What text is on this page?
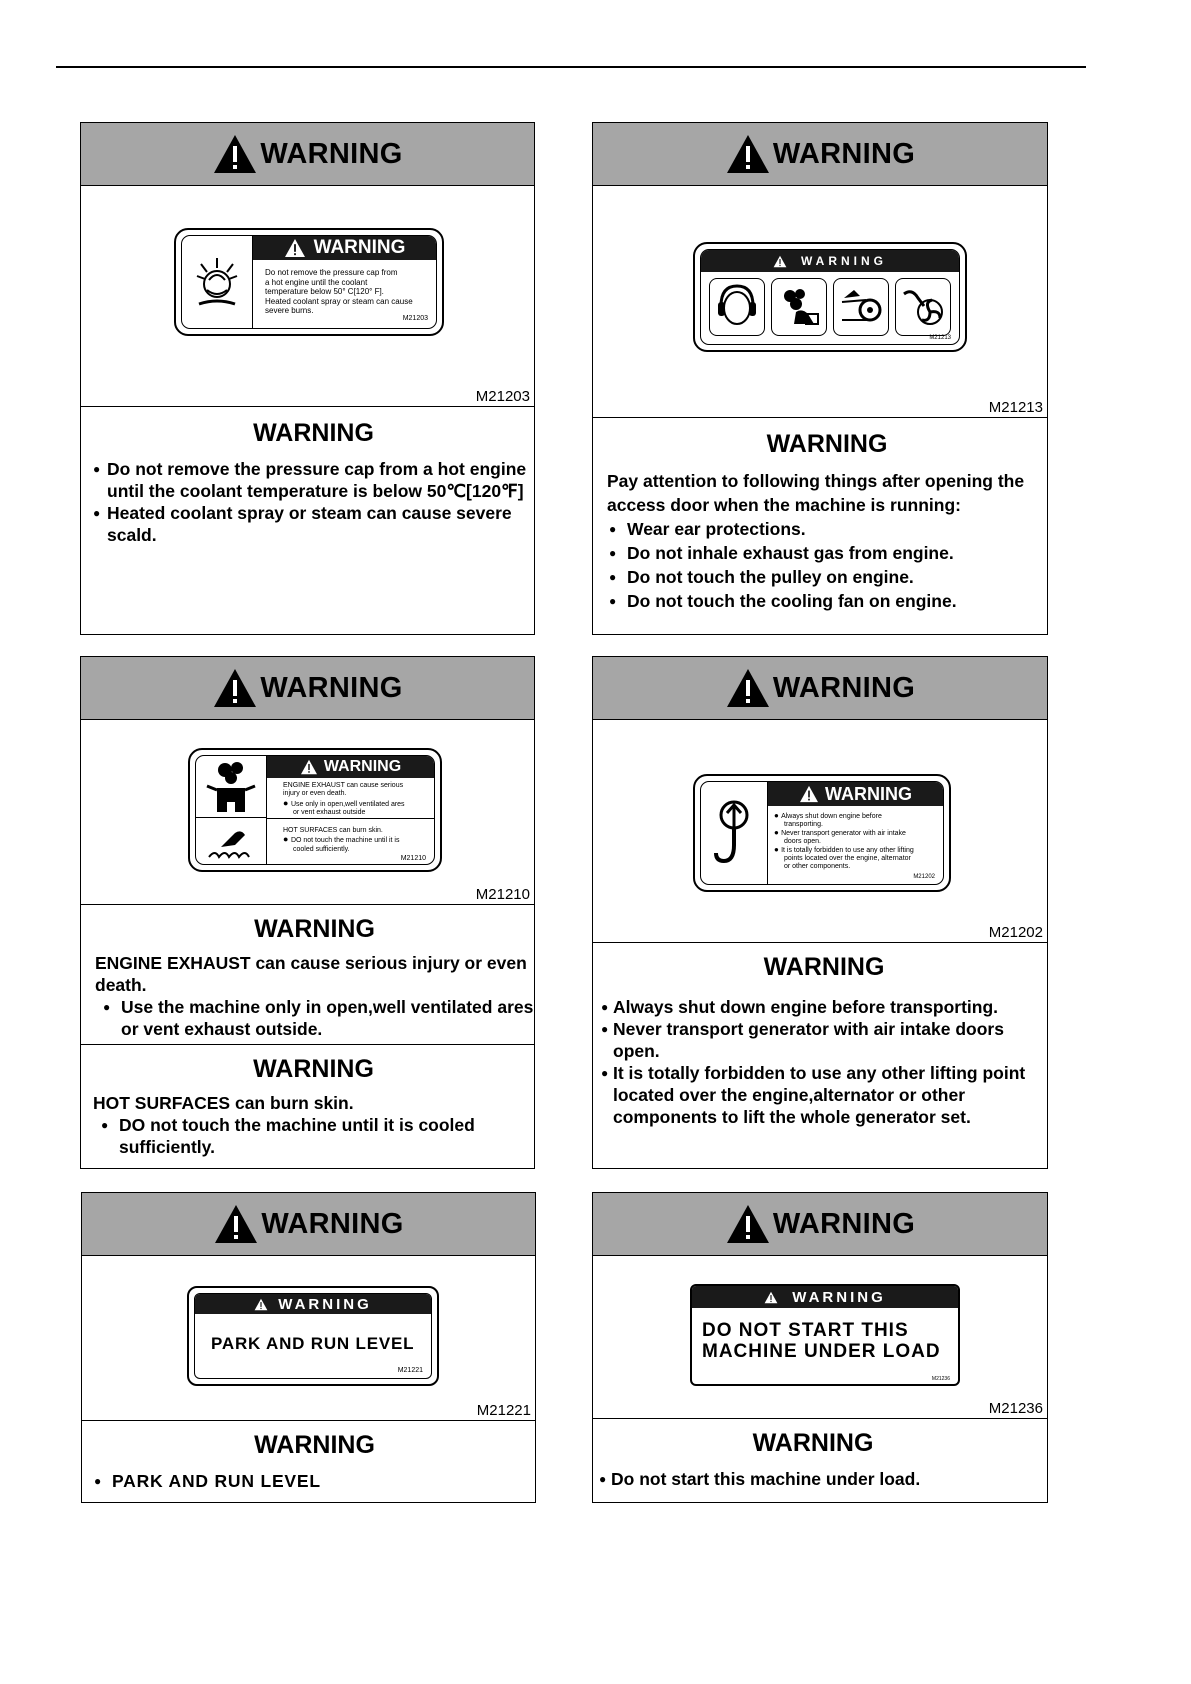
WARNING
WARNING
Do not remove the pressure cap from
a hot engine until the coolant
temperature below 50° C[120° F].
Heated coolant spray or steam can cause
severe burns.
M21203
M21203
WARNING
● Do not remove the pressure cap from a hot engine until the coolant temperature is below 50℃[120℉]
● Heated coolant spray or steam can cause severe scald.
WARNING
WARNING
M21213
M21213
WARNING

Pay attention to following things after opening the access door when the machine is running:

● Wear ear protections.
● Do not inhale exhaust gas from engine.
● Do not touch the pulley on engine.
● Do not touch the cooling fan on engine.
WARNING
WARNING
ENGINE EXHAUST can cause serious
injury or even death.
● Use only in open,well ventilated ares
or vent exhaust outside
HOT SURFACES can burn skin.
● DO not touch the machine until it is
cooled sufficiently.
M21210
M21210
WARNING

ENGINE EXHAUST can cause serious injury or even death.

● Use the machine only in open,well ventilated ares or vent exhaust outside.
WARNING

HOT SURFACES can burn skin.

● DO not touch the machine until it is cooled sufficiently.
WARNING
WARNING
● Always shut down engine before
transporting.
● Never transport generator with air intake
doors open.
● It is totally forbidden to use any other lifting
points located over the engine, alternator
or other components.
M21202
M21202
WARNING
● Always shut down engine before transporting.
● Never transport generator with air intake doors open.
● It is totally forbidden to use any other lifting point located over the engine,alternator or other components to lift the whole generator set.
WARNING
WARNING
PARK AND RUN LEVEL
M21221
M21221
WARNING
● PARK AND RUN LEVEL
WARNING
WARNING
DO NOT START THIS
MACHINE UNDER LOAD
M21236
M21236
WARNING
● Do not start this machine under load.
